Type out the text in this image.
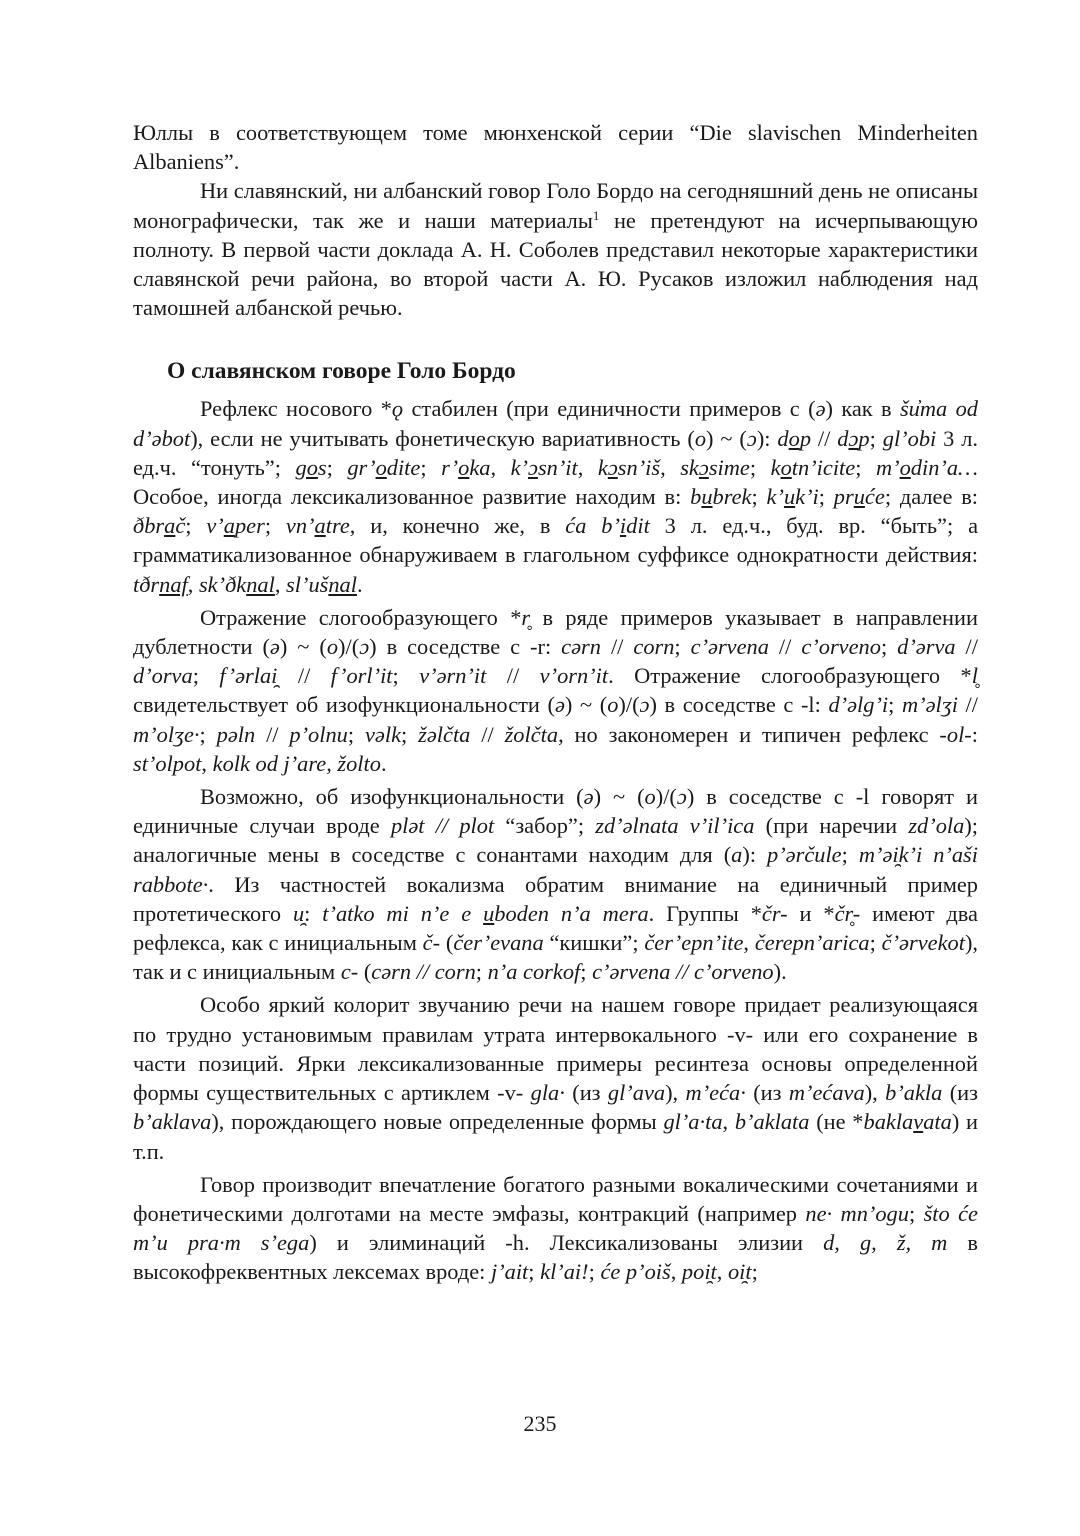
Юллы в соответствующем томе мюнхенской серии “Die slavischen Minderheiten Albaniens”.

Ни славянский, ни албанский говор Голо Бордо на сегодняшний день не описаны монографически, так же и наши материалы$^1$ не претендуют на исчерпывающую полноту. В первой части доклада А. Н. Соболев представил некоторые характеристики славянской речи района, во второй части А. Ю. Русаков изложил наблюдения над тамошней албанской речью.

О славянском говоре Голо Бордо

Рефлекс носового *ǫ стабилен (при единичности примеров с (ə) как в šuma od d’əbot), если не учитывать фонетическую вариативность (o) ~ (ɔ): dop // dɔp; gl’obi 3 л. ед.ч. “тонуть”; gos; gr’odite; r’oka, k’ɔsn’it, kɔsn’iš, skɔsime; kotn’icite; m’odin’a… Особое, иногда лексикализованное развитие находим в: bubrek; k’uk’i; pruće; далее в: ðbrač; v’aper; vn’atre, и, конечно же, в ća b’idit 3 л. ед.ч., буд. вр. “быть”; а грамматикализованное обнаруживаем в глагольном суффиксе однократности действия: tðrnaf, sk’ðknal, sl’ušnal.

Отражение слогообразующего *r̥ в ряде примеров указывает в направлении дублетности (ə) ~ (o)/(ɔ) в соседстве с -r: cərn // corn; c’ərvena // c’orveno; d’ərva // d’orva; f’ərlai̯ // f’orl’it; v’ərn’it // v’orn’it. Отражение слогообразующего *l̥ свидетельствует об изофункциональности (ə) ~ (o)/(ɔ) в соседстве с -l: d’əlg’i; m’əlʒi // m’olʒe·; pəln // p’olnu; vəlk; žəlčta // žolčta, но закономерен и типичен рефлекс -ol-: st’olpot, kolk od j’are, žolto.

Возможно, об изофункциональности (ə) ~ (o)/(ɔ) в соседстве с -l говорят и единичные случаи вроде plət // plot “забор”; zd’əlnata v’il’ica (при наречии zd’ola); аналогичные мены в соседстве с сонантами находим для (a): p’ərčule; m’əi̯k’i n’aši rabbote·. Из частностей вокализма обратим внимание на единичный пример протетического u̯: t’atko mi n’e e uboden n’a mera. Группы *čr- и *čr̥- имеют два рефлекса, как с инициальным č- (čer’evana “кишки”; čer’epn’ite, čerepn’arica; č’ərvekot), так и с инициальным c- (cərn // corn; n’a corkof; c’ərvena // c’orveno).

Особо яркий колорит звучанию речи на нашем говоре придает реализующаяся по трудно установимым правилам утрата интервокального -v- или его сохранение в части позиций. Ярки лексикализованные примеры ресинтеза основы определенной формы существительных с артиклем -v- gla· (из gl’ava), m’eća· (из m’ećava), b’akla (из b’aklava), порождающего новые определенные формы gl’a·ta, b’aklata (не *baklavata) и т.п.

Говор производит впечатление богатого разными вокалическими сочетаниями и фонетическими долготами на месте эмфазы, контракций (например ne· mn’ogu; što će m’u pra·m s’ega) и элиминаций -h. Лексикализованы элизии d, g, ž, m в высокофреквентных лексемах вроде: j’ait; kl’ai!; će p’oiš, poi̯t, oi̯t;

235
